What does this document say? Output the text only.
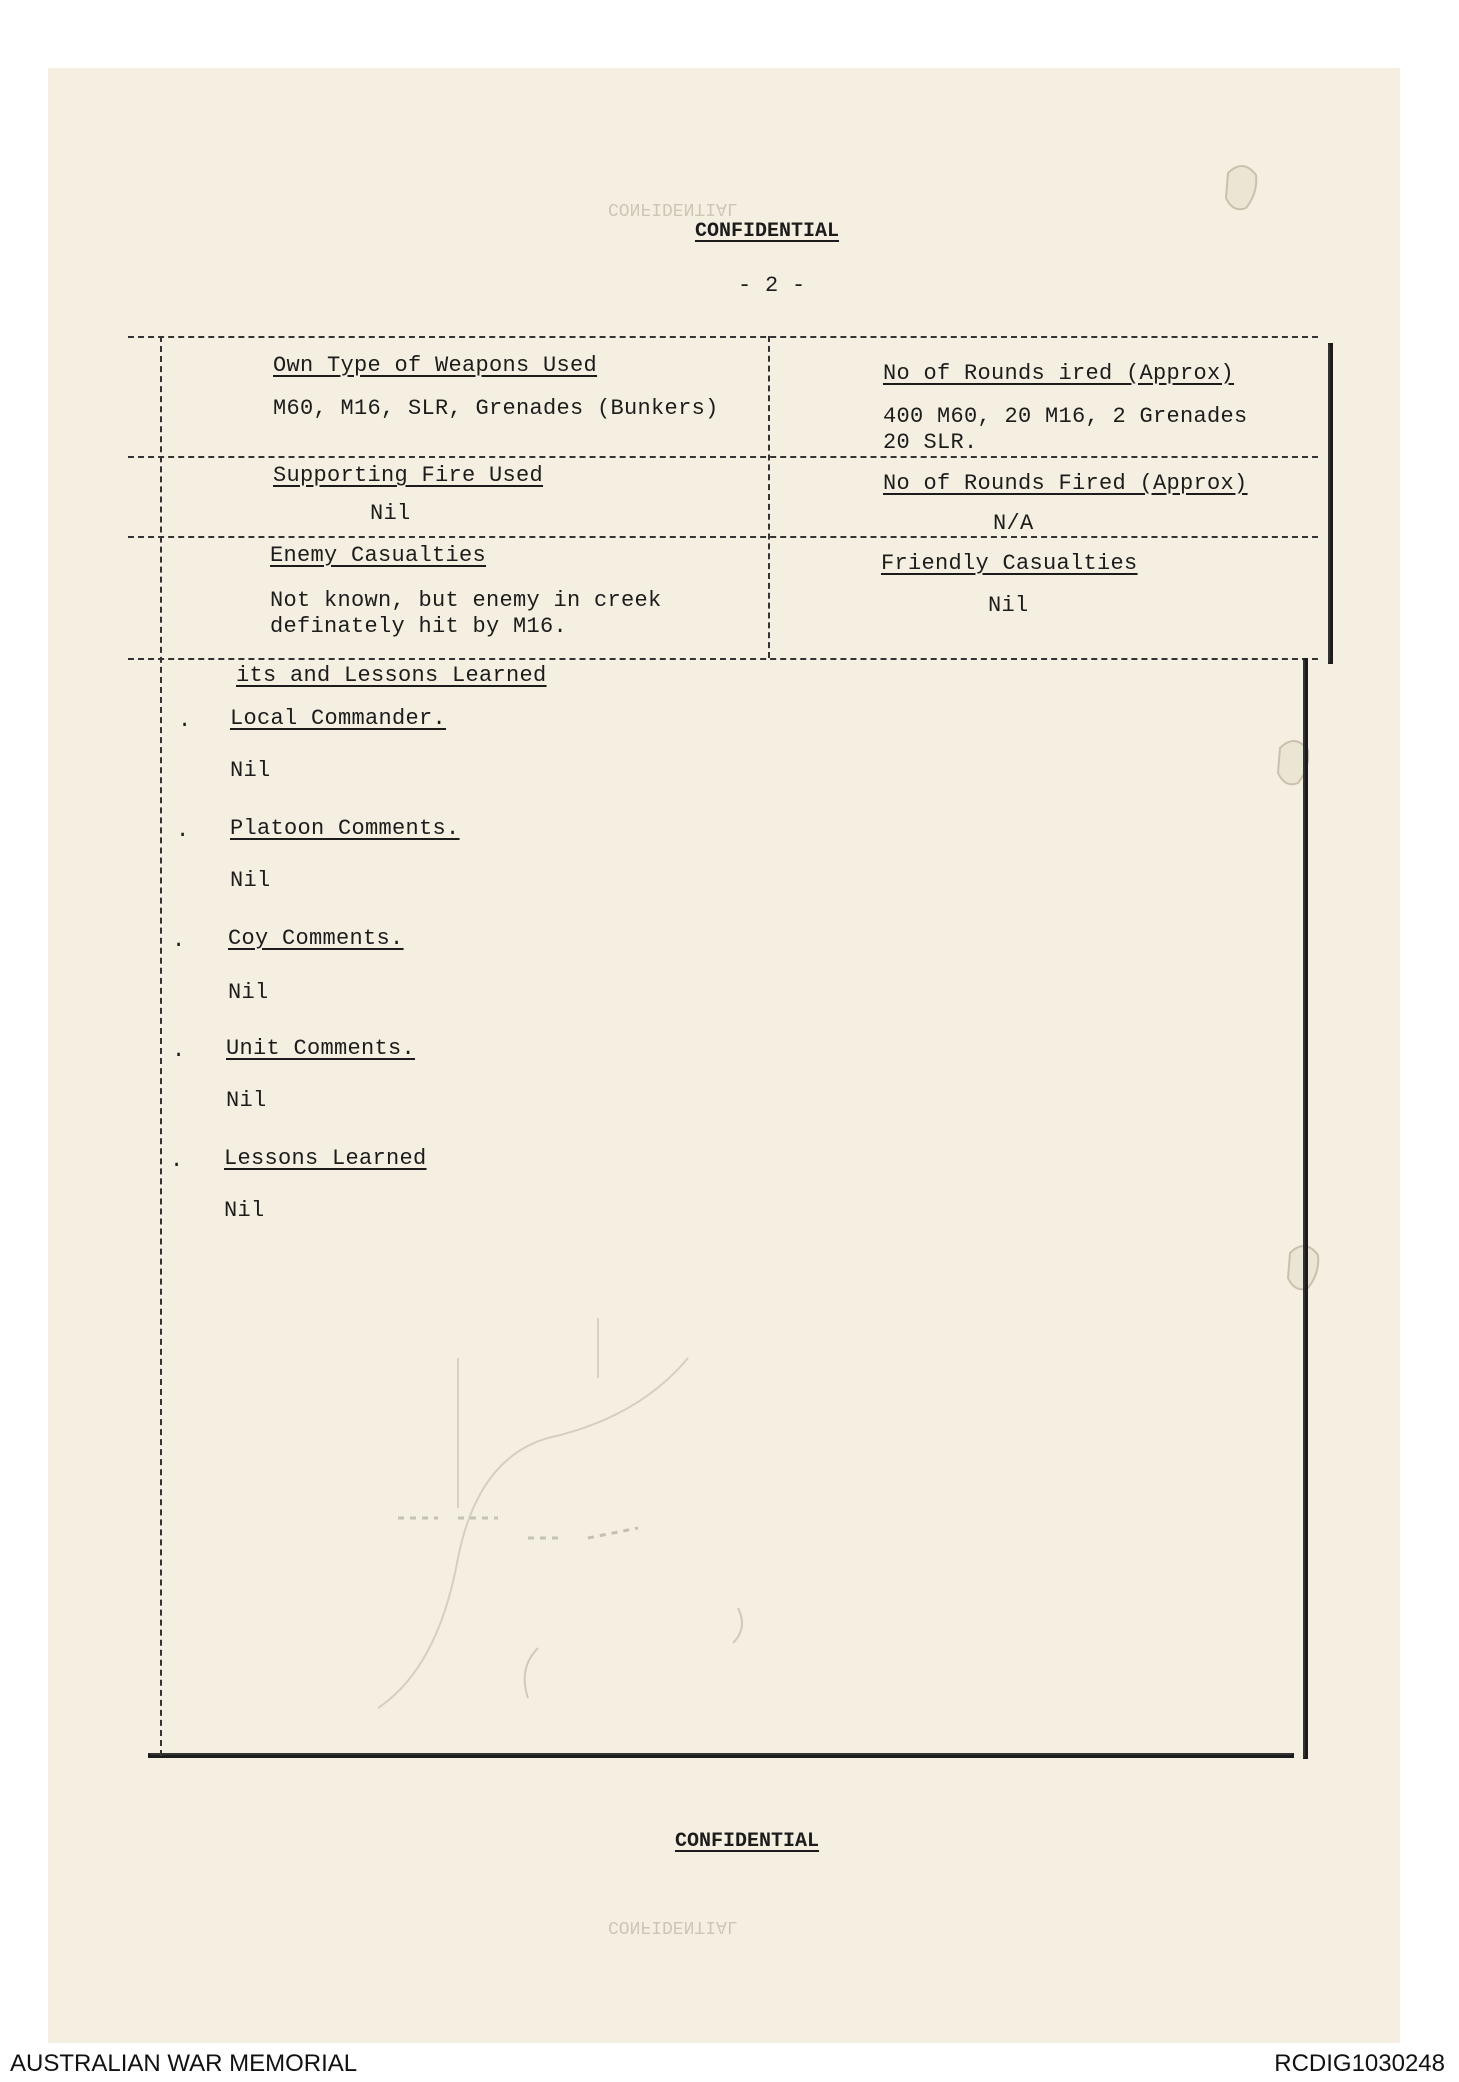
CONFIDENTIAL
CONFIDENTIAL
CONFIDENTIAL
- 2 -
Own Type of Weapons Used
M60, M16, SLR, Grenades (Bunkers)
No of Rounds ired (Approx)
400 M60, 20 M16, 2 Grenades
20 SLR.
Supporting Fire Used
Nil
No of Rounds Fired (Approx)
N/A
Enemy Casualties
Not known, but enemy in creek
definately hit by M16.
Friendly Casualties
Nil
its and Lessons Learned
. Local Commander.
Nil
. Platoon Comments.
Nil
. Coy Comments.
Nil
. Unit Comments.
Nil
. Lessons Learned
Nil
CONFIDENTIAL
AUSTRALIAN WAR MEMORIAL	RCDIG1030248
